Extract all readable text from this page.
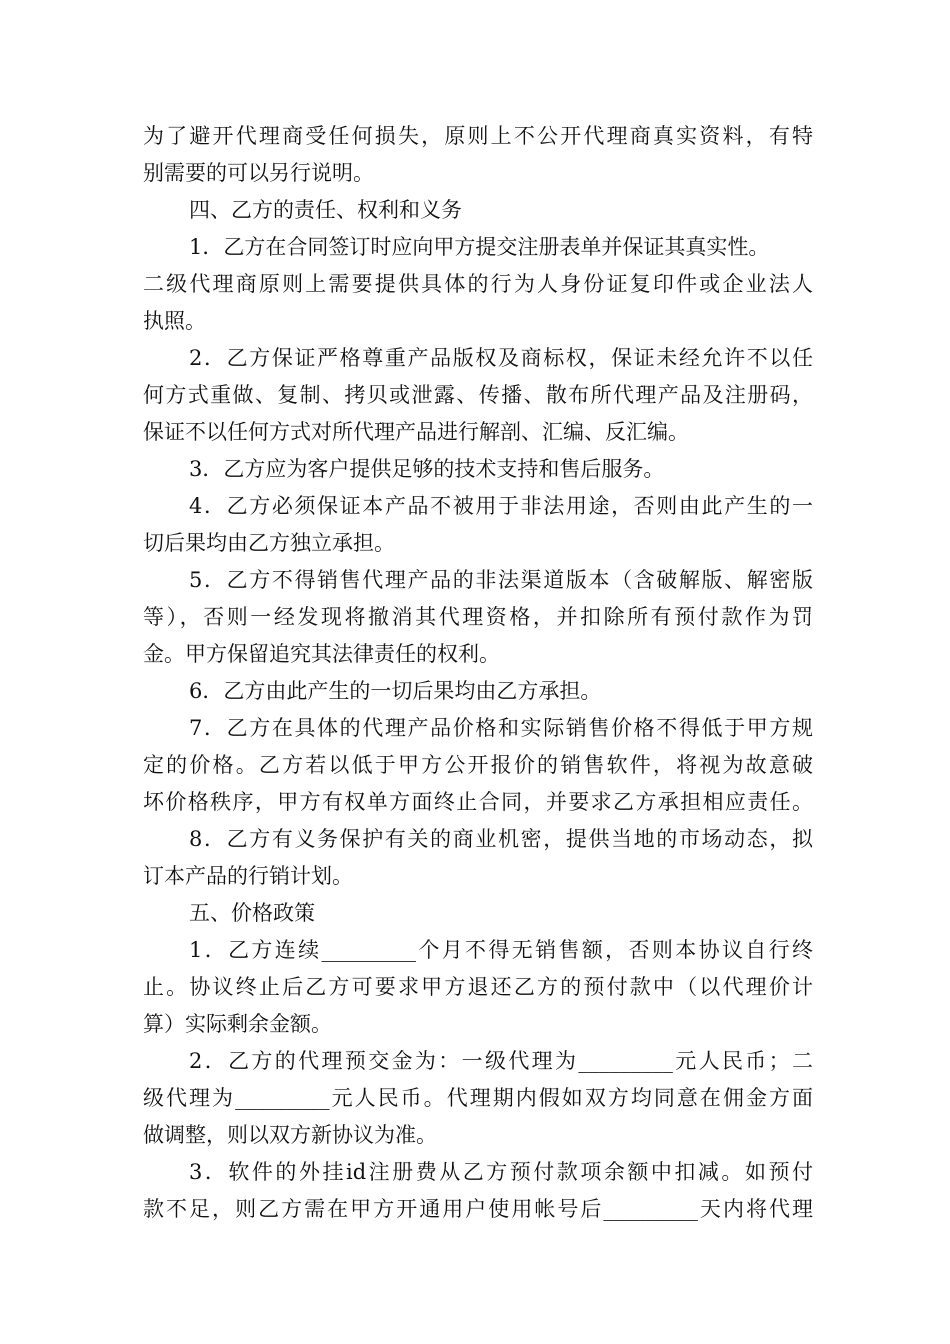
为了避开代理商受任何损失，原则上不公开代理商真实资料，有特
别需要的可以另行说明。
四、乙方的责任、权利和义务
1．乙方在合同签订时应向甲方提交注册表单并保证其真实性。
二级代理商原则上需要提供具体的行为人身份证复印件或企业法人
执照。
2．乙方保证严格尊重产品版权及商标权，保证未经允许不以任
何方式重做、复制、拷贝或泄露、传播、散布所代理产品及注册码，
保证不以任何方式对所代理产品进行解剖、汇编、反汇编。
3．乙方应为客户提供足够的技术支持和售后服务。
4．乙方必须保证本产品不被用于非法用途，否则由此产生的一
切后果均由乙方独立承担。
5．乙方不得销售代理产品的非法渠道版本（含破解版、解密版
等），否则一经发现将撤消其代理资格，并扣除所有预付款作为罚
金。甲方保留追究其法律责任的权利。
6．乙方由此产生的一切后果均由乙方承担。
7．乙方在具体的代理产品价格和实际销售价格不得低于甲方规
定的价格。乙方若以低于甲方公开报价的销售软件，将视为故意破
坏价格秩序，甲方有权单方面终止合同，并要求乙方承担相应责任。
8．乙方有义务保护有关的商业机密，提供当地的市场动态，拟
订本产品的行销计划。
五、价格政策
1．乙方连续_________个月不得无销售额，否则本协议自行终
止。协议终止后乙方可要求甲方退还乙方的预付款中（以代理价计
算）实际剩余金额。
2．乙方的代理预交金为：一级代理为_________元人民币；二
级代理为_________元人民币。代理期内假如双方均同意在佣金方面
做调整，则以双方新协议为准。
3．软件的外挂id注册费从乙方预付款项余额中扣减。如预付
款不足，则乙方需在甲方开通用户使用帐号后_________天内将代理
